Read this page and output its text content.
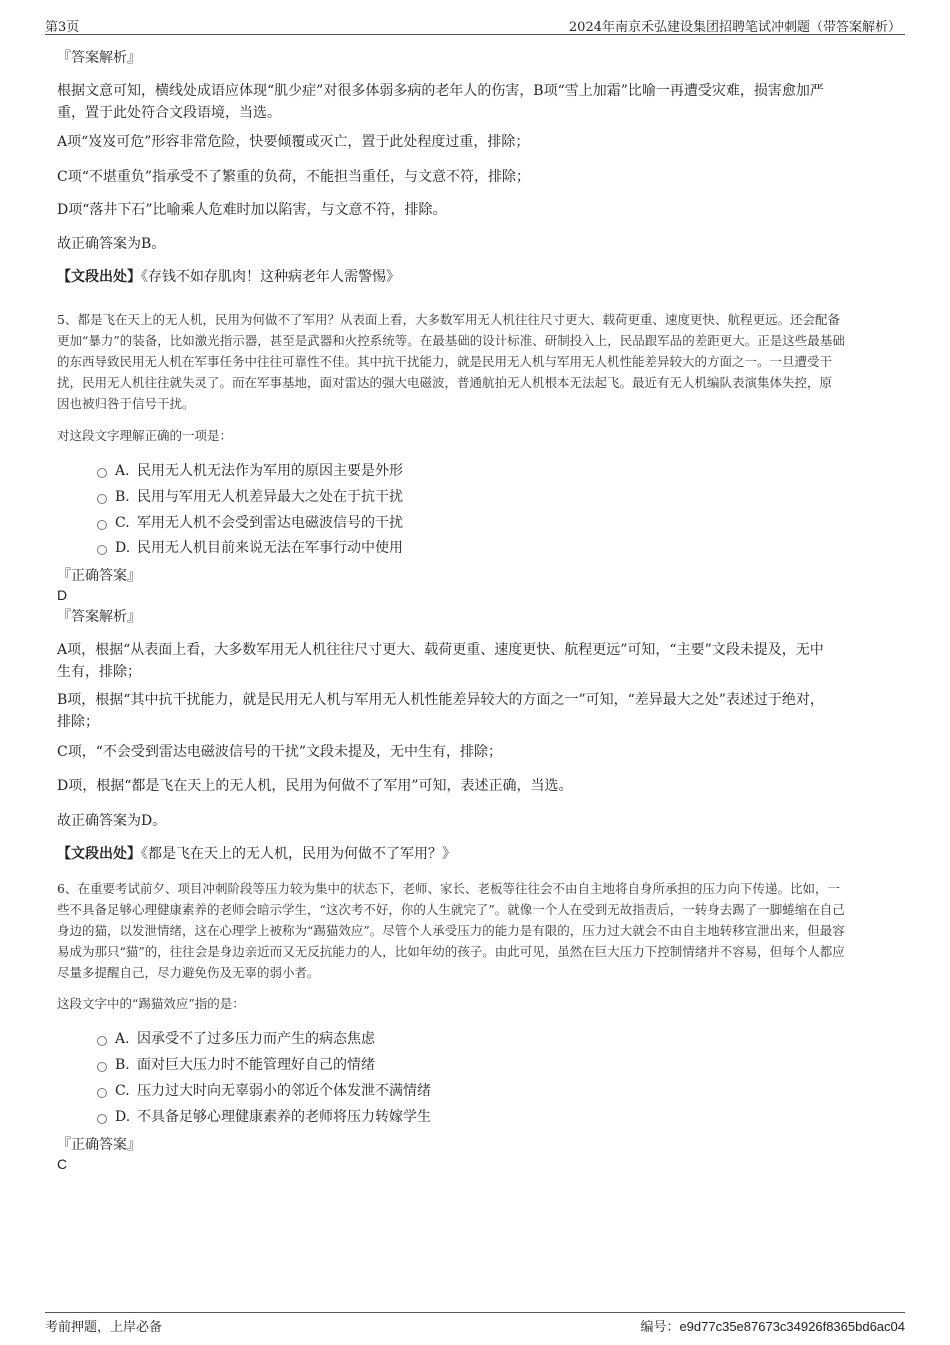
第3页	2024年南京禾弘建设集团招聘笔试冲刺题（带答案解析）
『答案解析』
根据文意可知，横线处成语应体现“肌少症”对很多体弱多病的老年人的伤害，B项“雪上加霜”比喻一再遭受灾难，损害愈加严
重，置于此处符合文段语境，当选。
A项“岌岌可危”形容非常危险，快要倾覆或灭亡，置于此处程度过重，排除；
C项“不堪重负”指承受不了繁重的负荷，不能担当重任，与文意不符，排除；
D项“落井下石”比喻乘人危难时加以陷害，与文意不符，排除。
故正确答案为B。
【文段出处】《存钱不如存肌肉！这种病老年人需警惕》
5、都是飞在天上的无人机，民用为何做不了军用？从表面上看，大多数军用无人机往往尺寸更大、载荷更重、速度更快、航程更远。还会配备
更加“暴力”的装备，比如激光指示器，甚至是武器和火控系统等。在最基础的设计标准、研制投入上，民品跟军品的差距更大。正是这些最基础
的东西导致民用无人机在军事任务中往往可靠性不佳。其中抗干扰能力，就是民用无人机与军用无人机性能差异较大的方面之一。一旦遭受干
扰，民用无人机往往就失灵了。而在军事基地，面对雷达的强大电磁波，普通航拍无人机根本无法起飞。最近有无人机编队表演集体失控，原
因也被归咎于信号干扰。
对这段文字理解正确的一项是：
A. 民用无人机无法作为军用的原因主要是外形
B. 民用与军用无人机差异最大之处在于抗干扰
C. 军用无人机不会受到雷达电磁波信号的干扰
D. 民用无人机目前来说无法在军事行动中使用
『正确答案』
D
『答案解析』
A项，根据“从表面上看，大多数军用无人机往往尺寸更大、载荷更重、速度更快、航程更远”可知，“主要”文段未提及，无中
生有，排除；
B项，根据“其中抗干扰能力，就是民用无人机与军用无人机性能差异较大的方面之一”可知，“差异最大之处”表述过于绝对，
排除；
C项，“不会受到雷达电磁波信号的干扰”文段未提及，无中生有，排除；
D项，根据“都是飞在天上的无人机，民用为何做不了军用”可知，表述正确，当选。
故正确答案为D。
【文段出处】《都是飞在天上的无人机，民用为何做不了军用？》
6、在重要考试前夕、项目冲刺阶段等压力较为集中的状态下，老师、家长、老板等往往会不由自主地将自身所承担的压力向下传递。比如，一
些不具备足够心理健康素养的老师会暗示学生，“这次考不好，你的人生就完了”。就像一个人在受到无故指责后，一转身去踢了一脚蜷缩在自己
身边的猫，以发泄情绪，这在心理学上被称为“踢猫效应”。尽管个人承受压力的能力是有限的，压力过大就会不由自主地转移宣泄出来，但最容
易成为那只“猫”的，往往会是身边亲近而又无反抗能力的人，比如年幼的孩子。由此可见，虽然在巨大压力下控制情绪并不容易，但每个人都应
尽量多提醒自己，尽力避免伤及无辜的弱小者。
这段文字中的“踢猫效应”指的是：
A. 因承受不了过多压力而产生的病态焦虑
B. 面对巨大压力时不能管理好自己的情绪
C. 压力过大时向无辜弱小的邻近个体发泄不满情绪
D. 不具备足够心理健康素养的老师将压力转嫁学生
『正确答案』
C
考前押题，上岸必备	编号：e9d77c35e87673c34926f8365bd6ac04
